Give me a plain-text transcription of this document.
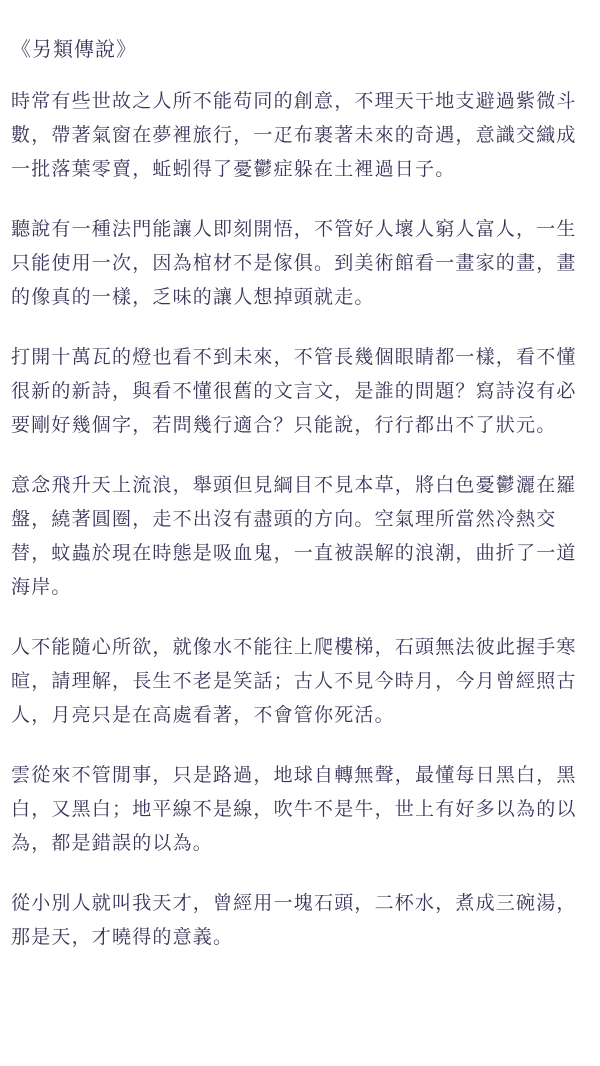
《另類傳說》

時常有些世故之人所不能苟同的創意，不理天干地支避過紫微斗數，帶著氣窗在夢裡旅行，一疋布裹著未來的奇遇，意識交織成一批落葉零賣，蚯蚓得了憂鬱症躲在土裡過日子。

聽說有一種法門能讓人即刻開悟，不管好人壞人窮人富人，一生只能使用一次，因為棺材不是傢俱。到美術館看一畫家的畫，畫的像真的一樣，乏味的讓人想掉頭就走。

打開十萬瓦的燈也看不到未來，不管長幾個眼睛都一樣，看不懂很新的新詩，與看不懂很舊的文言文，是誰的問題？寫詩沒有必要剛好幾個字，若問幾行適合？只能說，行行都出不了狀元。

意念飛升天上流浪，舉頭但見綱目不見本草，將白色憂鬱灑在羅盤，繞著圓圈，走不出沒有盡頭的方向。空氣理所當然冷熱交替，蚊蟲於現在時態是吸血鬼，一直被誤解的浪潮，曲折了一道海岸。

人不能隨心所欲，就像水不能往上爬樓梯，石頭無法彼此握手寒暄，請理解，長生不老是笑話；古人不見今時月，今月曾經照古人，月亮只是在高處看著，不會管你死活。

雲從來不管閒事，只是路過，地球自轉無聲，最懂每日黑白，黑白，又黑白；地平線不是線，吹牛不是牛，世上有好多以為的以為，都是錯誤的以為。

從小別人就叫我天才，曾經用一塊石頭，二杯水，煮成三碗湯，那是天，才曉得的意義。
